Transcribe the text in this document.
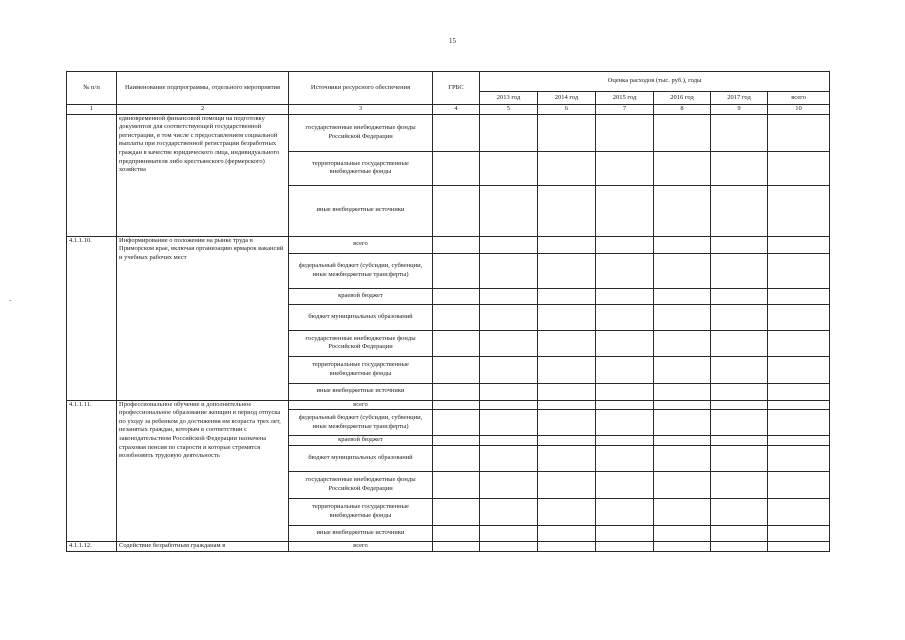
15
-
№ п/п	Наименование подпрограммы, отдельного мероприятия	Источники ресурсного обеспечения	ГРБС	Оценка расходов (тыс. руб.), годы					
				2013 год	2014 год	2015 год	2016 год	2017 год	всего
1	2	3	4	5	6	7	8	9	10
	единовременной финансовой помощи на подготовку документов для соответствующей государственной регистрации, в том числе с предоставлением социальной выплаты при государственной регистрации безработных граждан в качестве юридического лица, индивидуального предпринимателя либо крестьянского (фермерского) хозяйства	государственные внебюджетные фонды Российской Федерации							
		территориальные государственные внебюджетные фонды							
		иные внебюджетные источники							
4.1.1.10.	Информирование о положении на рынке труда в Приморском крае, включая организацию ярмарок вакансий и учебных рабочих мест	всего							
		федеральный бюджет (субсидии, субвенции, иные межбюджетные трансферты)							
		краевой бюджет							
		бюджет муниципальных образований							
		государственные внебюджетные фонды Российской Федерации							
		территориальные государственные внебюджетные фонды							
		иные внебюджетные источники							
4.1.1.11.	Профессиональное обучение и дополнительное профессиональное образование женщин в период отпуска по уходу за ребенком до достижения им возраста трех лет, незанятых граждан, которым в соответствии с законодательством Российской Федерации назначена страховая пенсия по старости и которые стремятся возобновить трудовую деятельность	всего							
		федеральный бюджет (субсидии, субвенции, иные межбюджетные трансферты)							
		краевой бюджет							
		бюджет муниципальных образований							
		государственные внебюджетные фонды Российской Федерации							
		территориальные государственные внебюджетные фонды							
		иные внебюджетные источники							
4.1.1.12.	Содействие безработным гражданам в	всего							
